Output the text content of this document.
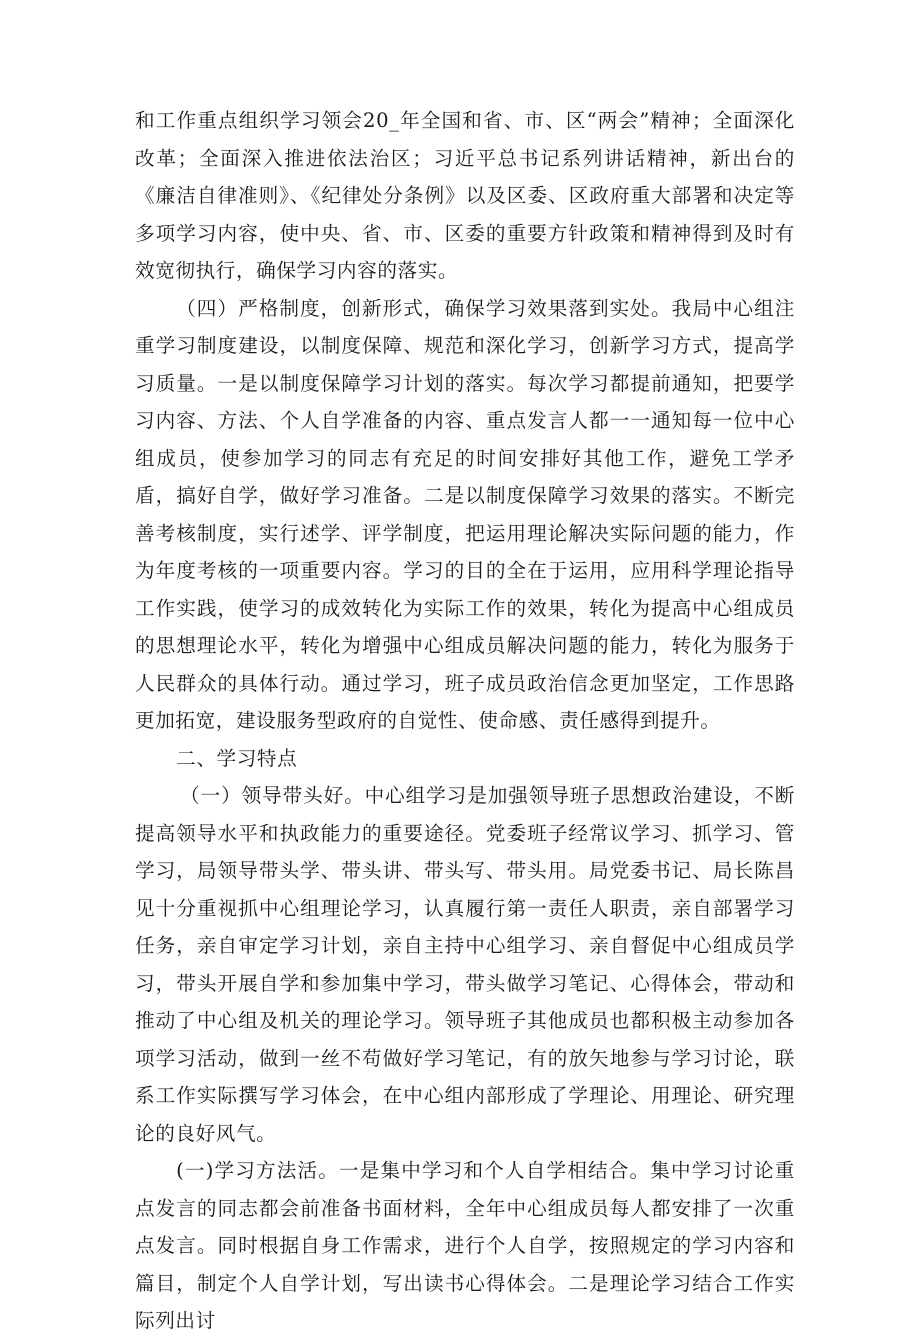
和工作重点组织学习领会20_年全国和省、市、区“两会”精神；全面深化改革；全面深入推进依法治区；习近平总书记系列讲话精神，新出台的《廉洁自律准则》、《纪律处分条例》以及区委、区政府重大部署和决定等多项学习内容，使中央、省、市、区委的重要方针政策和精神得到及时有效宽彻执行，确保学习内容的落实。

（四）严格制度，创新形式，确保学习效果落到实处。我局中心组注重学习制度建设，以制度保障、规范和深化学习，创新学习方式，提高学习质量。一是以制度保障学习计划的落实。每次学习都提前通知，把要学习内容、方法、个人自学准备的内容、重点发言人都一一通知每一位中心组成员，使参加学习的同志有充足的时间安排好其他工作，避免工学矛盾，搞好自学，做好学习准备。二是以制度保障学习效果的落实。不断完善考核制度，实行述学、评学制度，把运用理论解决实际问题的能力，作为年度考核的一项重要内容。学习的目的全在于运用，应用科学理论指导工作实践，使学习的成效转化为实际工作的效果，转化为提高中心组成员的思想理论水平，转化为增强中心组成员解决问题的能力，转化为服务于人民群众的具体行动。通过学习，班子成员政治信念更加坚定，工作思路更加拓宽，建设服务型政府的自觉性、使命感、责任感得到提升。

二、学习特点

（一）领导带头好。中心组学习是加强领导班子思想政治建设，不断提高领导水平和执政能力的重要途径。党委班子经常议学习、抓学习、管学习，局领导带头学、带头讲、带头写、带头用。局党委书记、局长陈昌见十分重视抓中心组理论学习，认真履行第一责任人职责，亲自部署学习任务，亲自审定学习计划，亲自主持中心组学习、亲自督促中心组成员学习，带头开展自学和参加集中学习，带头做学习笔记、心得体会，带动和推动了中心组及机关的理论学习。领导班子其他成员也都积极主动参加各项学习活动，做到一丝不苟做好学习笔记，有的放矢地参与学习讨论，联系工作实际撰写学习体会，在中心组内部形成了学理论、用理论、研究理论的良好风气。

(一)学习方法活。一是集中学习和个人自学相结合。集中学习讨论重点发言的同志都会前准备书面材料，全年中心组成员每人都安排了一次重点发言。同时根据自身工作需求，进行个人自学，按照规定的学习内容和篇目，制定个人自学计划，写出读书心得体会。二是理论学习结合工作实际列出讨
